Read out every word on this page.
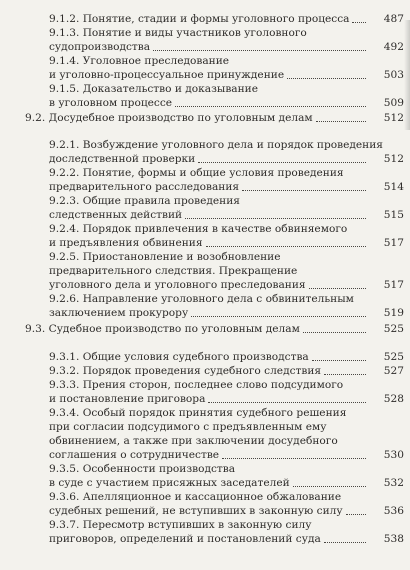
9.1.2. Понятие, стадии и формы уголовного процесса	487
9.1.3. Понятие и виды участников уголовного
судопроизводства	492
9.1.4. Уголовное преследование
и уголовно-процессуальное принуждение	503
9.1.5. Доказательство и доказывание
в уголовном процессе	509
9.2. Досудебное производство по уголовным делам	512
9.2.1. Возбуждение уголовного дела и порядок проведения
доследственной проверки	512
9.2.2. Понятие, формы и общие условия проведения
предварительного расследования	514
9.2.3. Общие правила проведения
следственных действий	515
9.2.4. Порядок привлечения в качестве обвиняемого
и предъявления обвинения	517
9.2.5. Приостановление и возобновление
предварительного следствия. Прекращение
уголовного дела и уголовного преследования	517
9.2.6. Направление уголовного дела с обвинительным
заключением прокурору	519
9.3. Судебное производство по уголовным делам	525
9.3.1. Общие условия судебного производства	525
9.3.2. Порядок проведения судебного следствия	527
9.3.3. Прения сторон, последнее слово подсудимого
и постановление приговора	528
9.3.4. Особый порядок принятия судебного решения
при согласии подсудимого с предъявленным ему
обвинением, а также при заключении досудебного
соглашения о сотрудничестве	530
9.3.5. Особенности производства
в суде с участием присяжных заседателей	532
9.3.6. Апелляционное и кассационное обжалование
судебных решений, не вступивших в законную силу	536
9.3.7. Пересмотр вступивших в законную силу
приговоров, определений и постановлений суда	538
